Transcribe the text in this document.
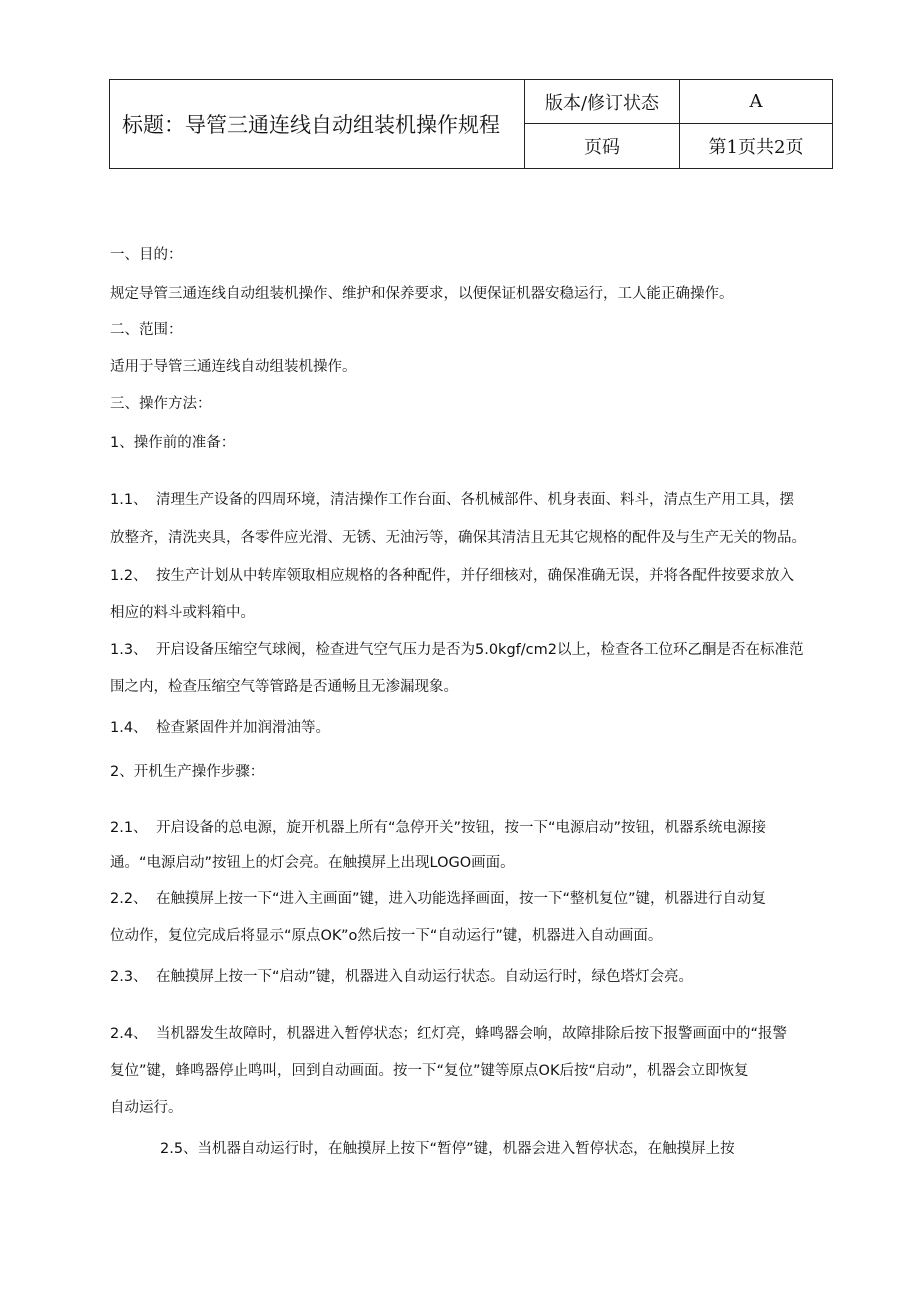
标题：导管三通连线自动组装机操作规程
版本/修订状态	A
页码	第1页共2页
一、目的：
规定导管三通连线自动组装机操作、维护和保养要求，以便保证机器安稳运行，工人能正确操作。
二、范围：
适用于导管三通连线自动组装机操作。
三、操作方法：
1、操作前的准备：
1.1、 清理生产设备的四周环境，清洁操作工作台面、各机械部件、机身表面、料斗，清点生产用工具，摆
放整齐，清洗夹具，各零件应光滑、无锈、无油污等，确保其清洁且无其它规格的配件及与生产无关的物品。
1.2、 按生产计划从中转库领取相应规格的各种配件，并仔细核对，确保准确无误，并将各配件按要求放入
相应的料斗或料箱中。
1.3、 开启设备压缩空气球阀，检查进气空气压力是否为5.0kgf∕cm2以上，检查各工位环乙酮是否在标准范
围之内，检查压缩空气等管路是否通畅且无渗漏现象。
1.4、 检查紧固件并加润滑油等。
2、开机生产操作步骤：
2.1、 开启设备的总电源，旋开机器上所有“急停开关”按钮，按一下“电源启动”按钮，机器系统电源接
通。“电源启动”按钮上的灯会亮。在触摸屏上出现LOGO画面。
2.2、 在触摸屏上按一下“进入主画面”键，进入功能选择画面，按一下“整机复位”键，机器进行自动复
位动作，复位完成后将显示“原点OK”o然后按一下“自动运行”键，机器进入自动画面。
2.3、 在触摸屏上按一下“启动”键，机器进入自动运行状态。自动运行时，绿色塔灯会亮。
2.4、 当机器发生故障时，机器进入暂停状态；红灯亮，蜂鸣器会响，故障排除后按下报警画面中的“报警
复位”键，蜂鸣器停止鸣叫，回到自动画面。按一下“复位”键等原点OK后按“启动”，机器会立即恢复
自动运行。
2.5、当机器自动运行时，在触摸屏上按下“暂停”键，机器会进入暂停状态，在触摸屏上按
